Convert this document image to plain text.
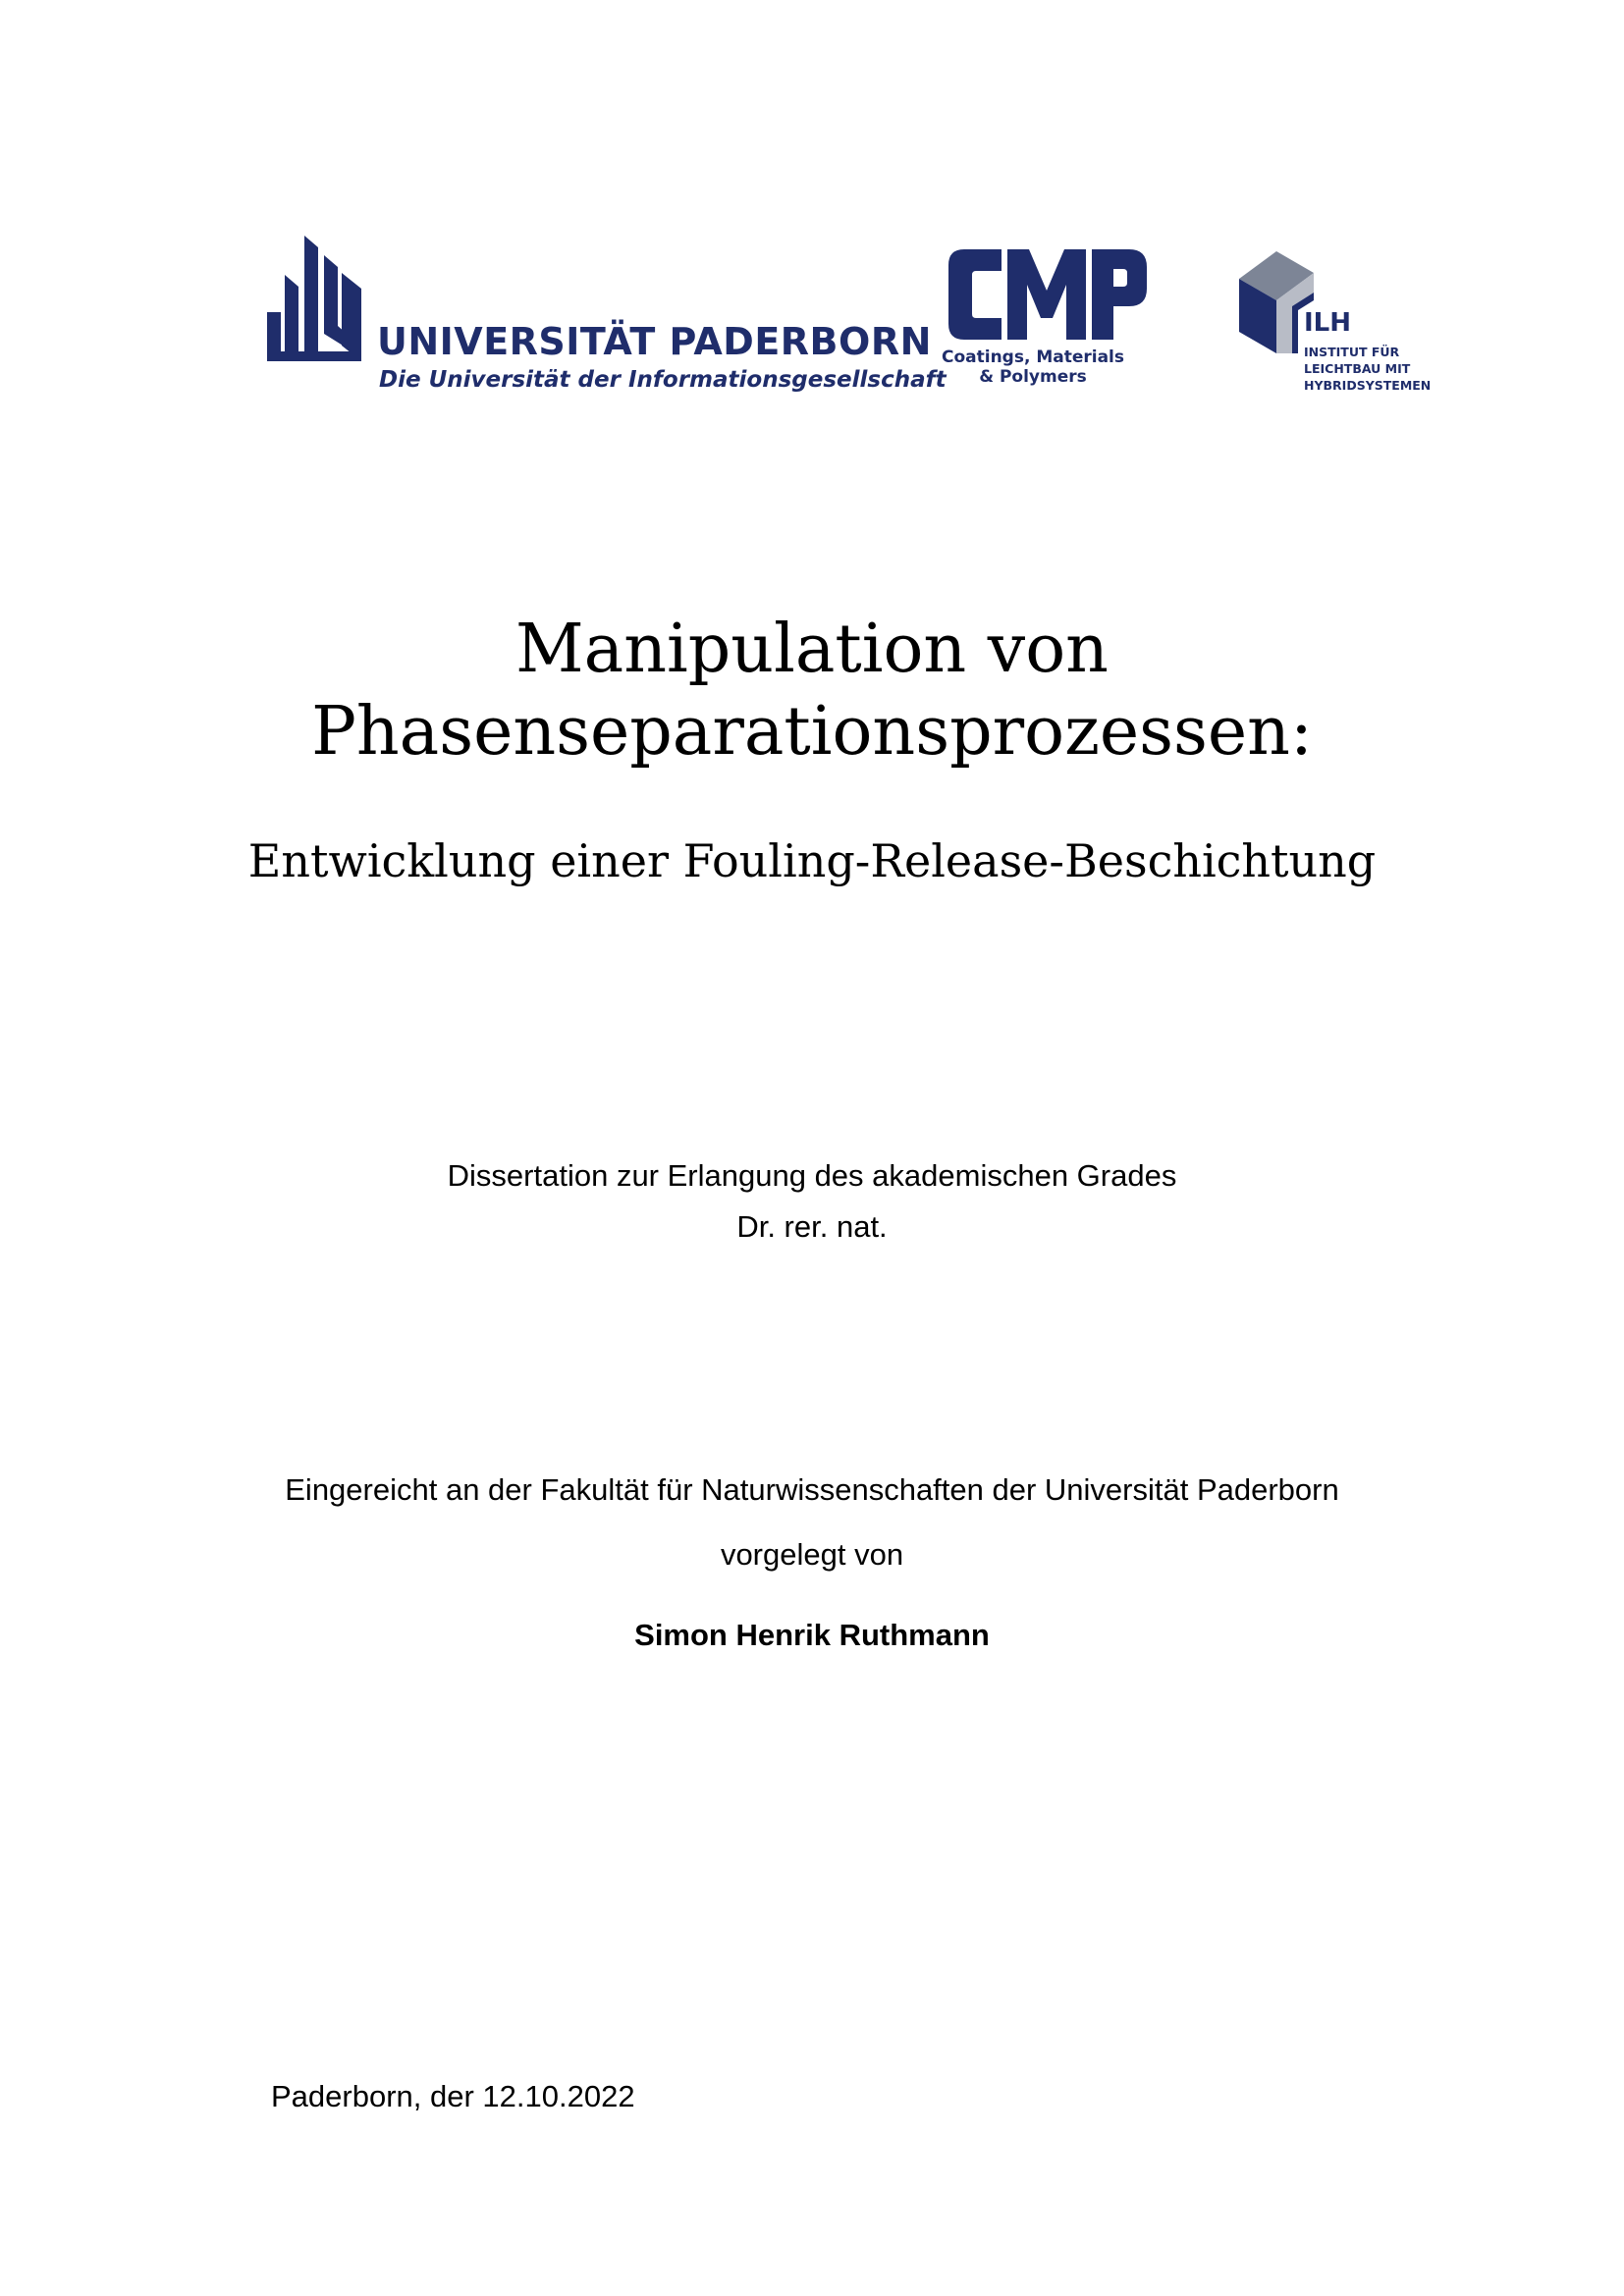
UNIVERSITÄT PADERBORN
Die Universität der Informationsgesellschaft
Coatings, Materials
& Polymers
ILH
INSTITUT FÜR
LEICHTBAU MIT
HYBRIDSYSTEMEN
Manipulation von
Phasenseparationsprozessen:
Entwicklung einer Fouling-Release-Beschichtung
Dissertation zur Erlangung des akademischen Grades
Dr. rer. nat.
Eingereicht an der Fakultät für Naturwissenschaften der Universität Paderborn
vorgelegt von
Simon Henrik Ruthmann
Paderborn, der 12.10.2022
